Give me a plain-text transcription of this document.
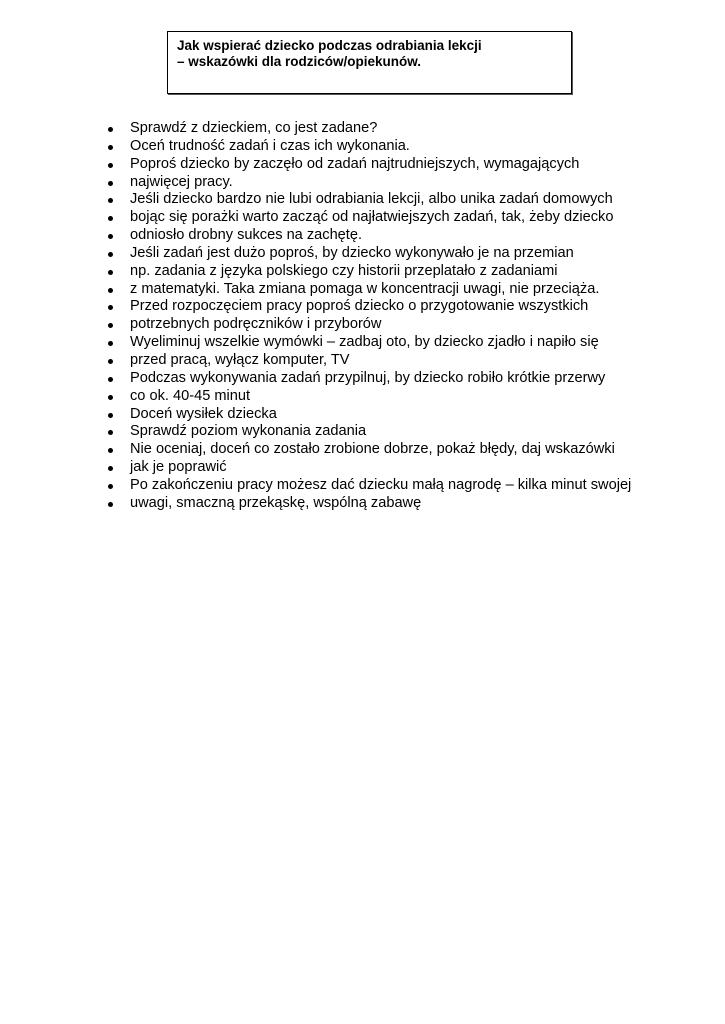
Jak wspierać dziecko podczas odrabiania lekcji
– wskazówki dla rodziców/opiekunów.
Sprawdź z dzieckiem, co jest zadane?
Oceń trudność zadań i czas ich wykonania.
Poproś dziecko by zaczęło od zadań najtrudniejszych, wymagających
najwięcej pracy.
Jeśli dziecko bardzo nie lubi odrabiania lekcji, albo unika zadań domowych
bojąc się porażki warto zacząć od najłatwiejszych zadań, tak, żeby dziecko
odniosło drobny sukces na zachętę.
Jeśli zadań jest dużo poproś, by dziecko wykonywało je na przemian
np. zadania z języka polskiego czy historii przeplatało z zadaniami
z matematyki. Taka zmiana pomaga w koncentracji uwagi, nie przeciąża.
Przed rozpoczęciem pracy poproś dziecko o przygotowanie wszystkich
potrzebnych podręczników i przyborów
Wyeliminuj wszelkie wymówki – zadbaj oto, by dziecko zjadło i napiło się
przed pracą, wyłącz komputer, TV
Podczas wykonywania zadań przypilnuj, by dziecko robiło krótkie przerwy
co ok. 40-45 minut
Doceń wysiłek dziecka
Sprawdź poziom wykonania zadania
Nie oceniaj, doceń co zostało zrobione dobrze, pokaż błędy, daj wskazówki
jak je poprawić
Po zakończeniu pracy możesz dać dziecku małą nagrodę – kilka minut swojej
uwagi, smaczną przekąskę, wspólną zabawę
